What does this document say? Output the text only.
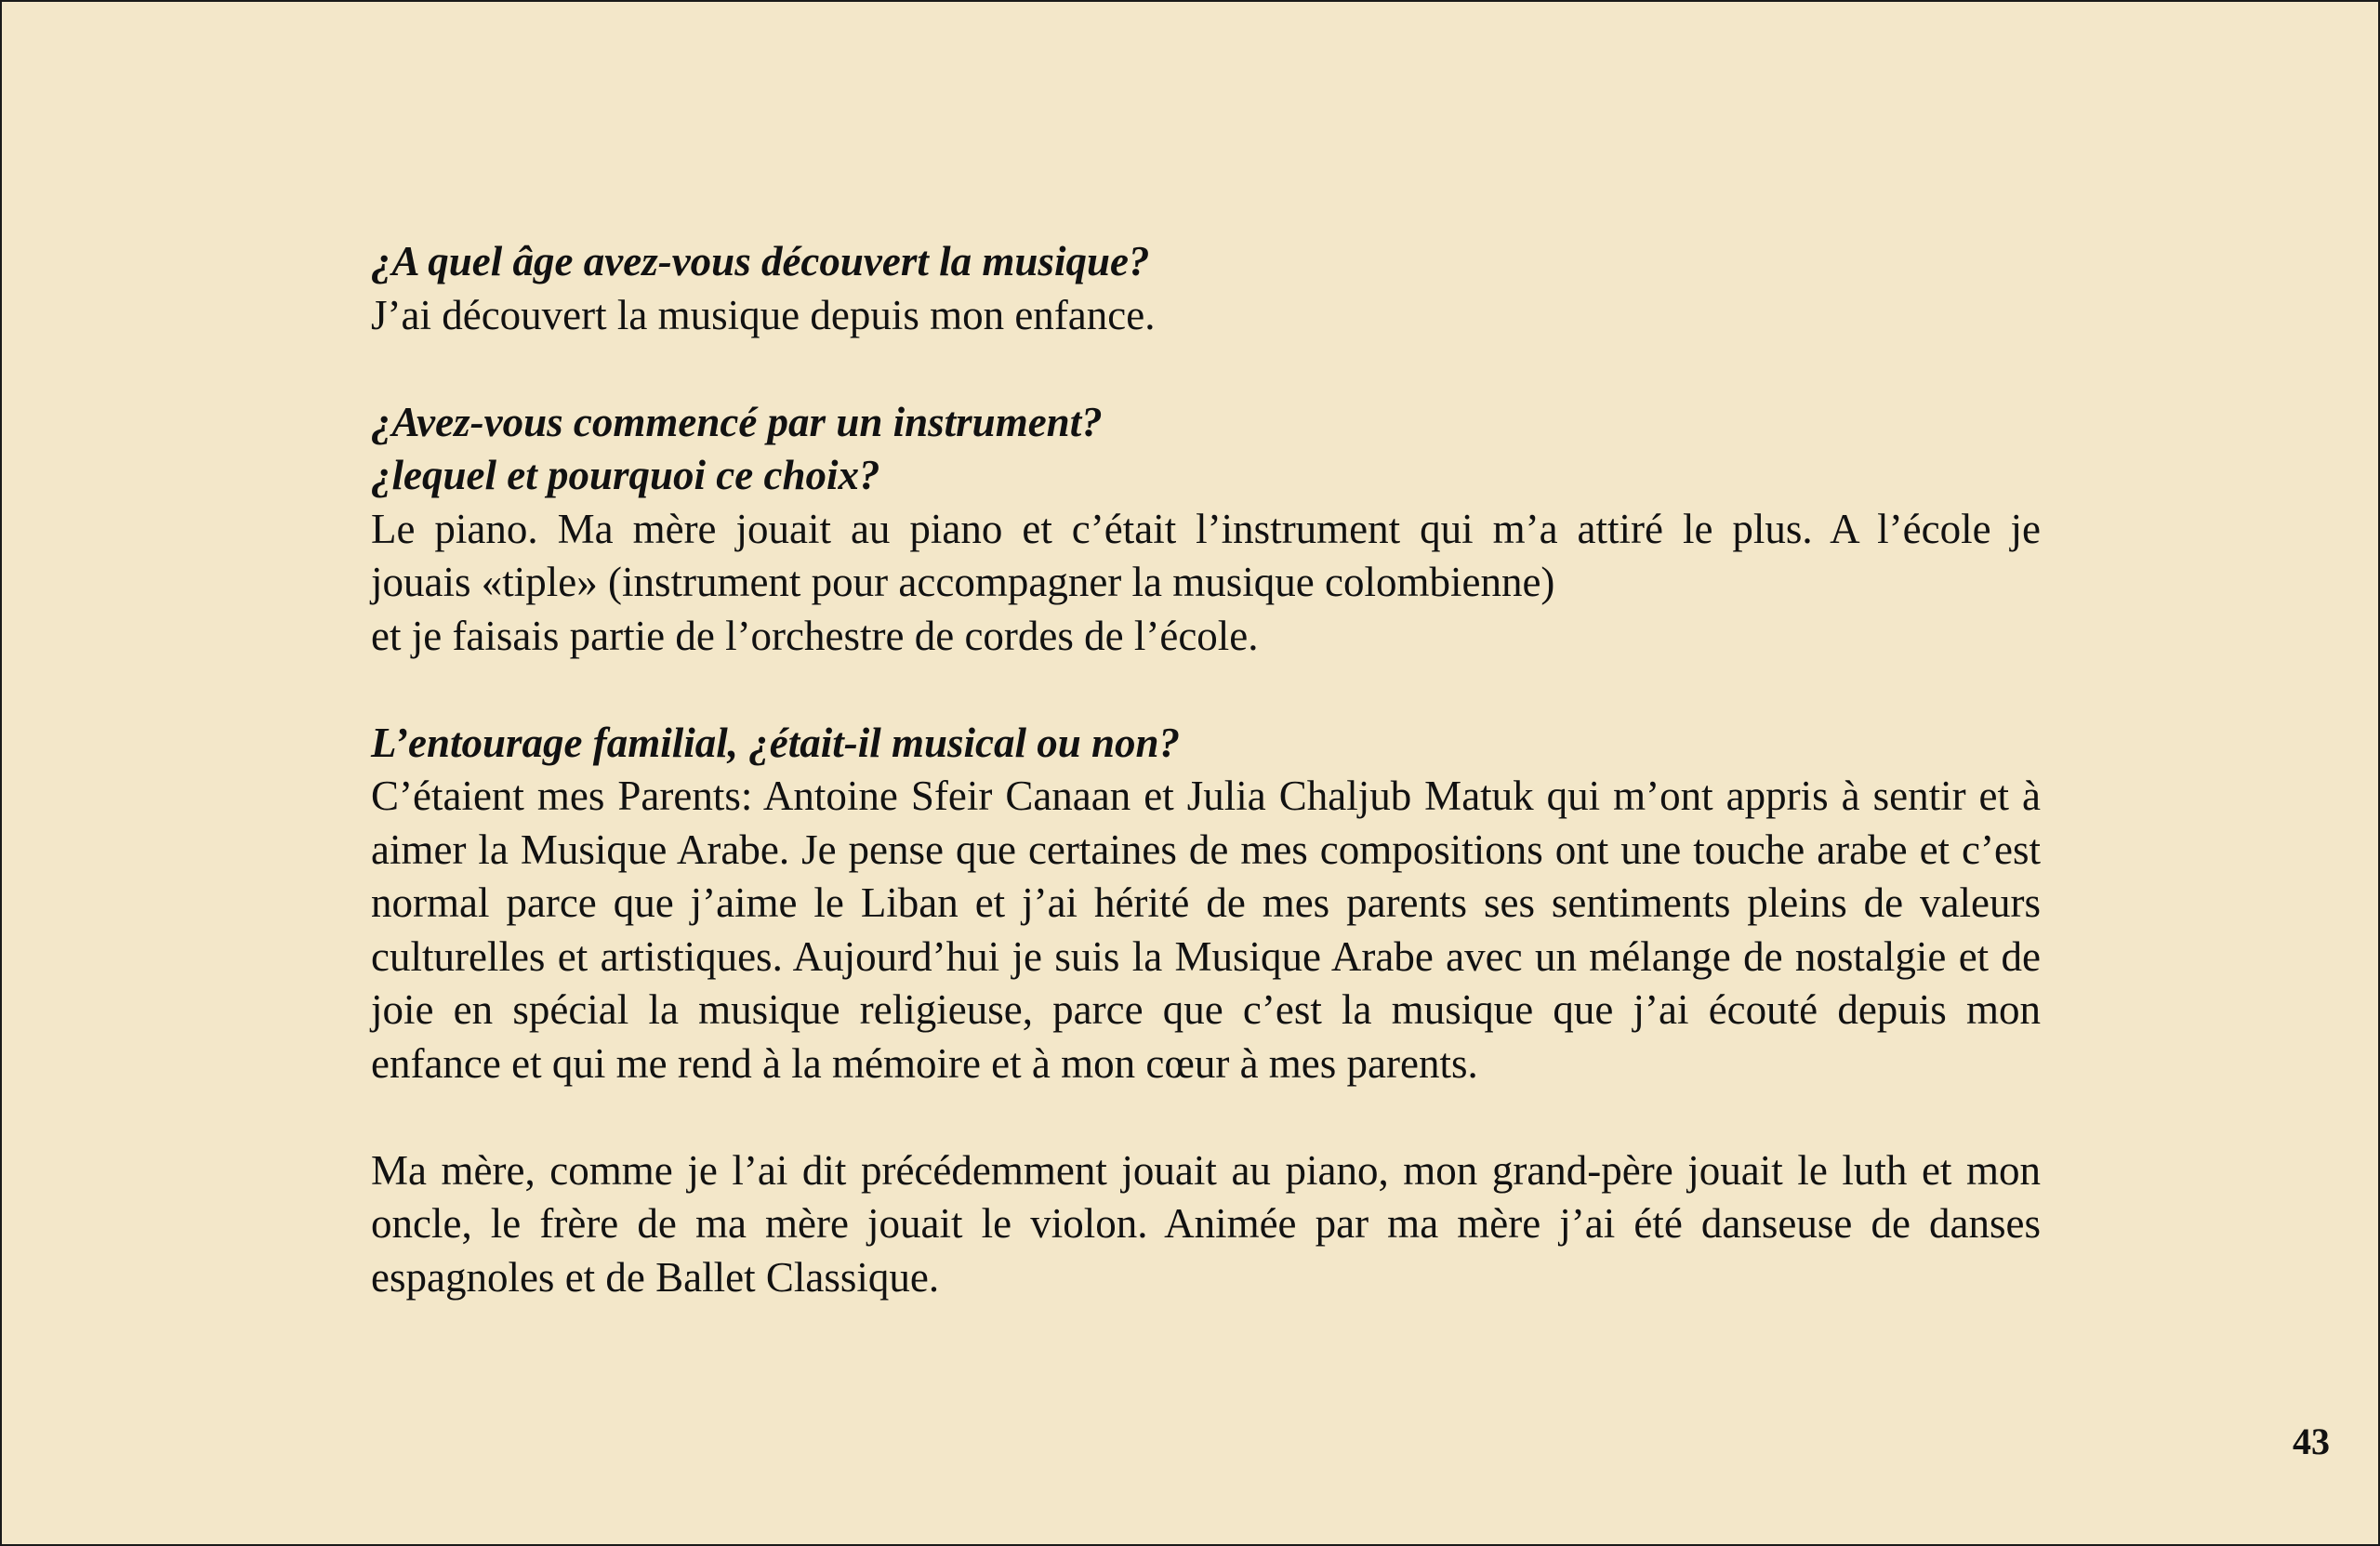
¿A quel âge avez-vous découvert la musique?
J’ai découvert la musique depuis mon enfance.
¿Avez-vous commencé par un instrument?
¿lequel et pourquoi ce choix?
Le piano. Ma mère jouait au piano et c’était l’instrument qui m’a attiré le plus. A l’école je
jouais «tiple» (instrument pour accompagner la musique colombienne)
et je faisais partie de l’orchestre de cordes de l’école.
L’entourage familial, ¿était-il musical ou non?
C’étaient mes Parents: Antoine Sfeir Canaan et Julia Chaljub Matuk qui m’ont appris à sentir et à aimer la Musique Arabe. Je pense que certaines de mes compositions ont une touche arabe et c’est normal parce que j’aime le Liban et j’ai hérité de mes parents ses sentiments pleins de valeurs culturelles et artistiques. Aujourd’hui je suis la Musique Arabe avec un mélange de nostalgie et de joie en spécial la musique religieuse, parce que c’est la musique que j’ai écouté depuis mon enfance et qui me rend à la mémoire et à mon cœur à mes parents.
Ma mère, comme je l’ai dit précédemment jouait au piano, mon grand-père jouait le luth et mon oncle, le frère de ma mère jouait le violon. Animée par ma mère j’ai été danseuse de danses espagnoles et de Ballet Classique.
43
